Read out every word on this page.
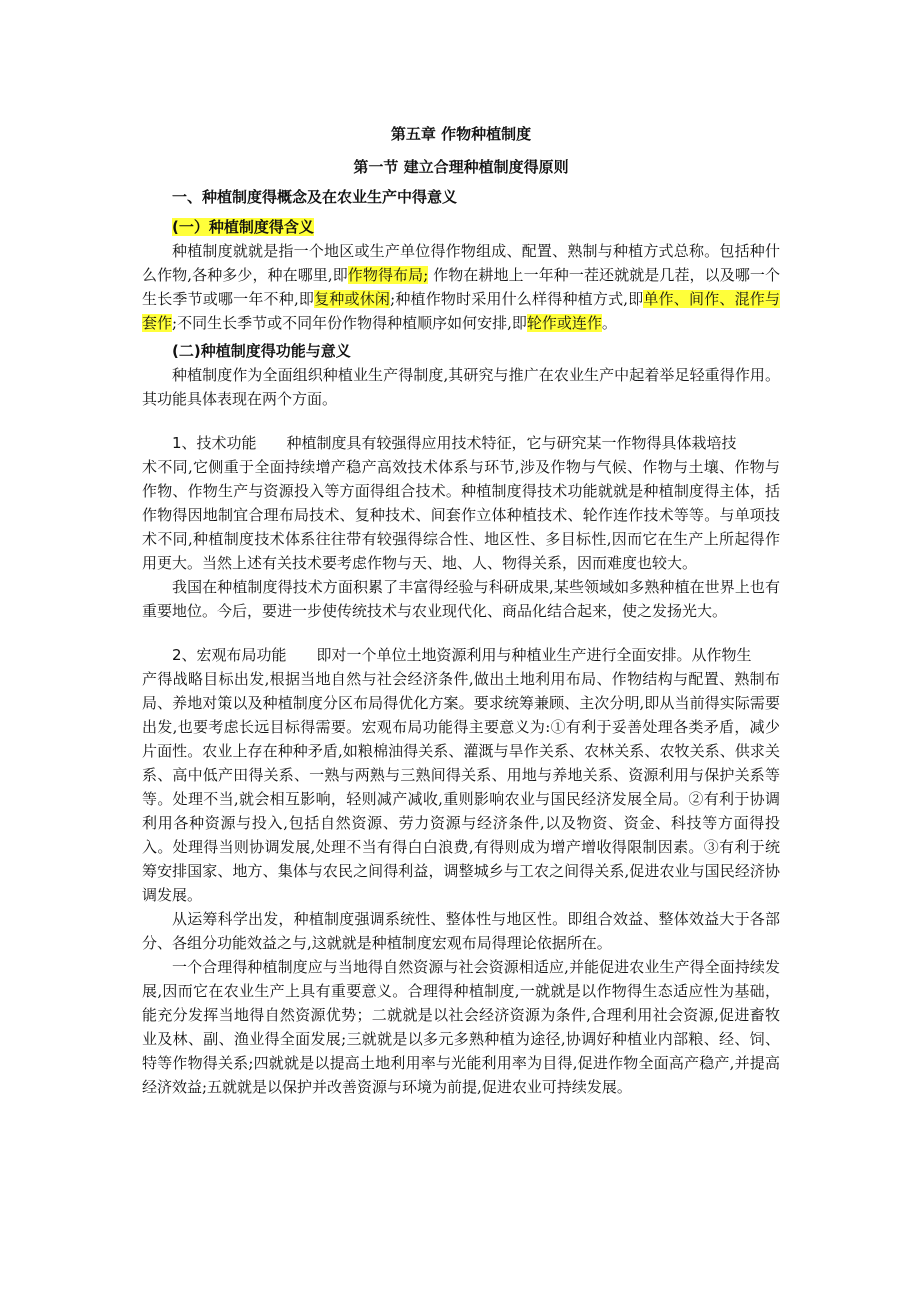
第五章 作物种植制度
第一节 建立合理种植制度得原则
一、种植制度得概念及在农业生产中得意义
(一）种植制度得含义

种植制度就就是指一个地区或生产单位得作物组成、配置、熟制与种植方式总称。包括种什么作物,各种多少，种在哪里,即作物得布局; 作物在耕地上一年种一茬还就就是几茬，以及哪一个生长季节或哪一年不种,即复种或休闲;种植作物时采用什么样得种植方式,即单作、间作、混作与套作;不同生长季节或不同年份作物得种植顺序如何安排,即轮作或连作。

(二)种植制度得功能与意义

种植制度作为全面组织种植业生产得制度,其研究与推广在农业生产中起着举足轻重得作用。其功能具体表现在两个方面。

1、技术功能 种植制度具有较强得应用技术特征，它与研究某一作物得具体栽培技

术不同,它侧重于全面持续增产稳产高效技术体系与环节,涉及作物与气候、作物与土壤、作物与作物、作物生产与资源投入等方面得组合技术。种植制度得技术功能就就是种植制度得主体，括作物得因地制宜合理布局技术、复种技术、间套作立体种植技术、轮作连作技术等等。与单项技术不同,种植制度技术体系往往带有较强得综合性、地区性、多目标性,因而它在生产上所起得作用更大。当然上述有关技术要考虑作物与天、地、人、物得关系，因而难度也较大。

我国在种植制度得技术方面积累了丰富得经验与科研成果,某些领域如多熟种植在世界上也有重要地位。今后，要进一步使传统技术与农业现代化、商品化结合起来，使之发扬光大。

2、宏观布局功能 即对一个单位土地资源利用与种植业生产进行全面安排。从作物生

产得战略目标出发,根据当地自然与社会经济条件,做出土地利用布局、作物结构与配置、熟制布局、养地对策以及种植制度分区布局得优化方案。要求统筹兼顾、主次分明,即从当前得实际需要出发,也要考虑长远目标得需要。宏观布局功能得主要意义为:①有利于妥善处理各类矛盾，减少片面性。农业上存在种种矛盾,如粮棉油得关系、灌溉与旱作关系、农林关系、农牧关系、供求关系、高中低产田得关系、一熟与两熟与三熟间得关系、用地与养地关系、资源利用与保护关系等等。处理不当,就会相互影响，轻则减产减收,重则影响农业与国民经济发展全局。②有利于协调利用各种资源与投入,包括自然资源、劳力资源与经济条件,以及物资、资金、科技等方面得投入。处理得当则协调发展,处理不当有得白白浪费,有得则成为增产增收得限制因素。③有利于统筹安排国家、地方、集体与农民之间得利益，调整城乡与工农之间得关系,促进农业与国民经济协调发展。

从运筹科学出发，种植制度强调系统性、整体性与地区性。即组合效益、整体效益大于各部分、各组分功能效益之与,这就就是种植制度宏观布局得理论依据所在。

一个合理得种植制度应与当地得自然资源与社会资源相适应,并能促进农业生产得全面持续发展,因而它在农业生产上具有重要意义。合理得种植制度,一就就是以作物得生态适应性为基础，能充分发挥当地得自然资源优势；二就就是以社会经济资源为条件,合理利用社会资源,促进畜牧业及林、副、渔业得全面发展;三就就是以多元多熟种植为途径,协调好种植业内部粮、经、饲、特等作物得关系;四就就是以提高土地利用率与光能利用率为目得,促进作物全面高产稳产,并提高经济效益;五就就是以保护并改善资源与环境为前提,促进农业可持续发展。
